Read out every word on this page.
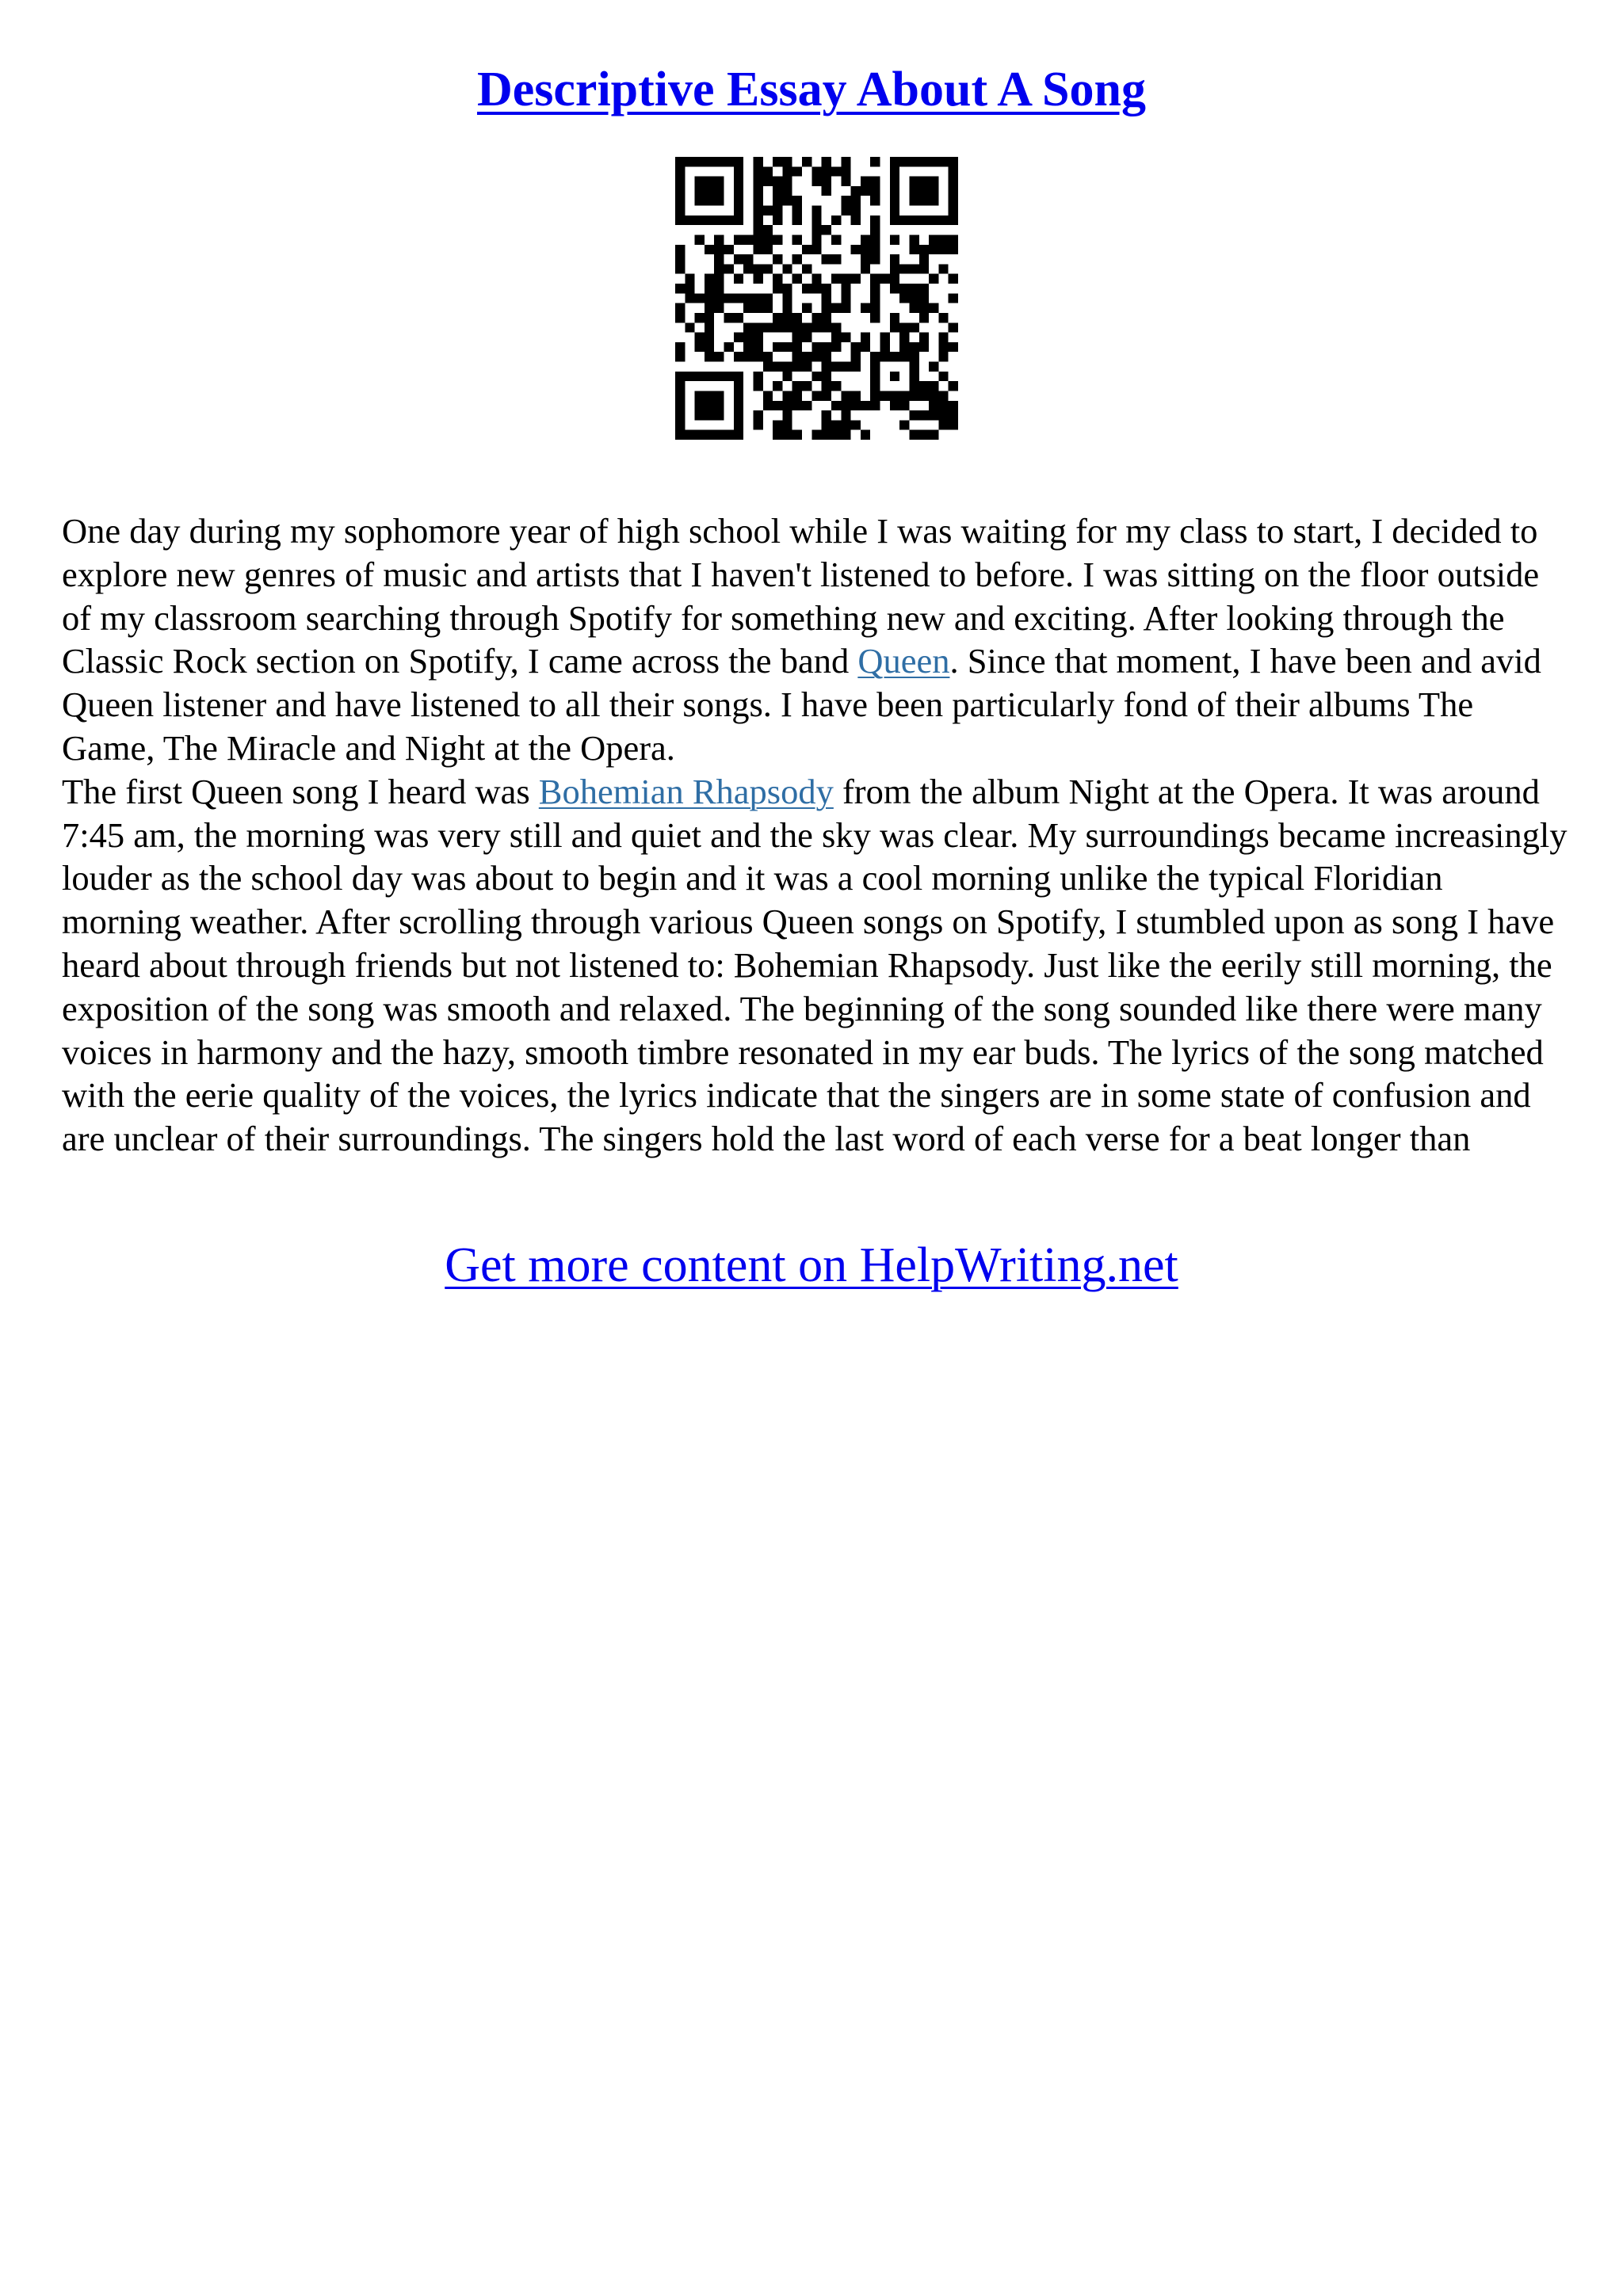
Descriptive Essay About A Song

One day during my sophomore year of high school while I was waiting for my class to start, I decided to explore new genres of music and artists that I haven't listened to before. I was sitting on the floor outside of my classroom searching through Spotify for something new and exciting. After looking through the Classic Rock section on Spotify, I came across the band Queen. Since that moment, I have been and avid Queen listener and have listened to all their songs. I have been particularly fond of their albums The Game, The Miracle and Night at the Opera.

The first Queen song I heard was Bohemian Rhapsody from the album Night at the Opera. It was around 7:45 am, the morning was very still and quiet and the sky was clear. My surroundings became increasingly louder as the school day was about to begin and it was a cool morning unlike the typical Floridian morning weather. After scrolling through various Queen songs on Spotify, I stumbled upon as song I have heard about through friends but not listened to: Bohemian Rhapsody. Just like the eerily still morning, the exposition of the song was smooth and relaxed. The beginning of the song sounded like there were many voices in harmony and the hazy, smooth timbre resonated in my ear buds. The lyrics of the song matched with the eerie quality of the voices, the lyrics indicate that the singers are in some state of confusion and are unclear of their surroundings. The singers hold the last word of each verse for a beat longer than

Get more content on HelpWriting.net
